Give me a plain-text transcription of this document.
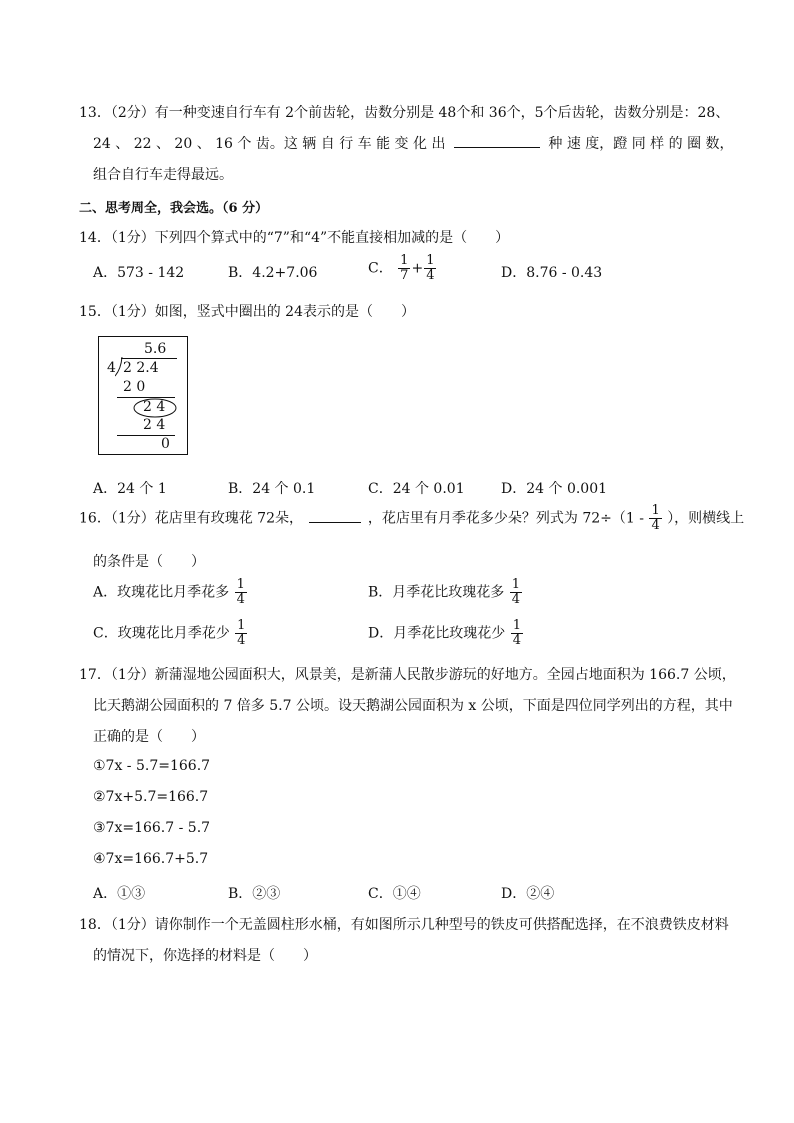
13．（2分）有一种变速自行车有 2个前齿轮，齿数分别是 48个和 36个，5个后齿轮，齿数分别是：28、
24 、 22 、 20 、 16 个 齿。这 辆 自 行 车 能 变 化 出	种 速 度，蹬 同 样 的 圈 数，
组合自行车走得最远。
二、思考周全，我会选。（6 分）
14．（1分）下列四个算式中的“7”和“4”不能直接相加减的是（　　）
A．573 - 142	B．4.2+7.06	C． $\frac{1}{7} + \frac{1}{4}$	D．8.76 - 0.43
15．（1分）如图，竖式中圈出的 24表示的是（　　）
5.6
4 2 2.4
2 0
2 4
2 4
0
A．24 个 1	B．24 个 0.1	C．24 个 0.01	D．24 个 0.001
16．（1分）花店里有玫瑰花 72朵，	，花店里有月季花多少朵？列式为 $72\div(1 - \frac{1}{4}$ ），则横线上
的条件是（　　）
A．玫瑰花比月季花多 $\frac{1}{4}$	B．月季花比玫瑰花多 $\frac{1}{4}$
C．玫瑰花比月季花少 $\frac{1}{4}$	D．月季花比玫瑰花少 $\frac{1}{4}$
17．（1分）新蒲湿地公园面积大，风景美，是新蒲人民散步游玩的好地方。全园占地面积为 166.7 公顷，
比天鹅湖公园面积的 7 倍多 5.7 公顷。设天鹅湖公园面积为 x 公顷，下面是四位同学列出的方程，其中
正确的是（　　）
①7x - 5.7=166.7
②7x+5.7=166.7
③7x=166.7 - 5.7
④7x=166.7+5.7
A．①③	B．②③	C．①④	D．②④
18．（1分）请你制作一个无盖圆柱形水桶，有如图所示几种型号的铁皮可供搭配选择，在不浪费铁皮材料
的情况下，你选择的材料是（　　）
